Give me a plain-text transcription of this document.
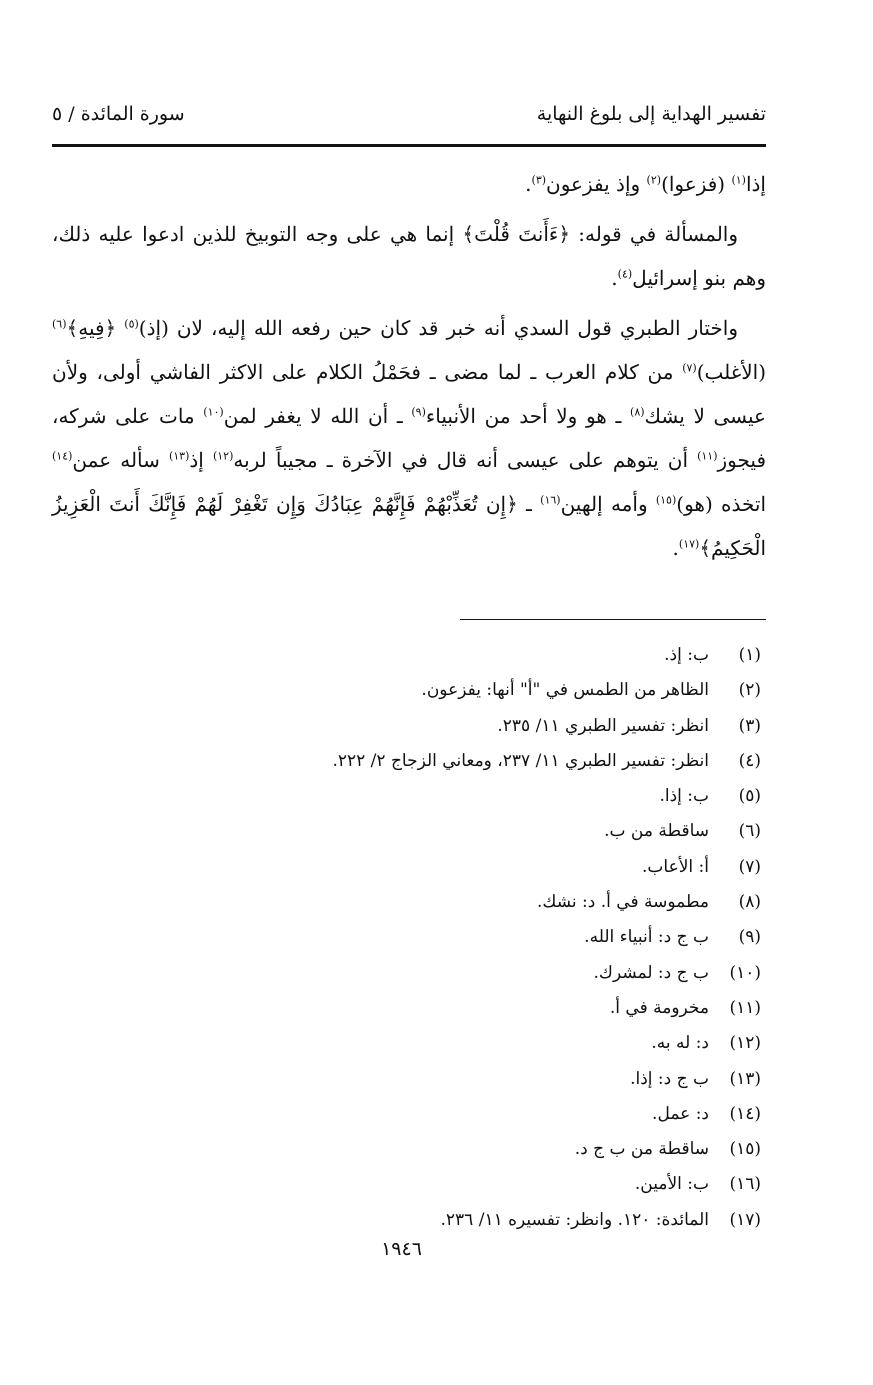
تفسير الهداية إلى بلوغ النهاية
سورة المائدة / ٥

إذا$^{(١)}$ (فزعوا)$^{(٢)}$ وإذ يفزعون$^{(٣)}$.

والمسألة في قوله: ﴿ءَأَنتَ قُلْتَ﴾ إنما هي على وجه التوبيخ للذين ادعوا عليه ذلك، وهم بنو إسرائيل$^{(٤)}$.

واختار الطبري قول السدي أنه خبر قد كان حين رفعه الله إليه، لان (إذ)$^{(٥)}$ ﴿فِيهِ﴾$^{(٦)}$ (الأغلب)$^{(٧)}$ من كلام العرب ـ لما مضى ـ فحَمْلُ الكلام على الاكثر الفاشي أولى، ولأن عيسى لا يشك$^{(٨)}$ ـ هو ولا أحد من الأنبياء$^{(٩)}$ ـ أن الله لا يغفر لمن$^{(١٠)}$ مات على شركه، فيجوز$^{(١١)}$ أن يتوهم على عيسى أنه قال في الآخرة ـ مجيباً لربه$^{(١٢)}$ إذ$^{(١٣)}$ سأله عمن$^{(١٤)}$ اتخذه (هو)$^{(١٥)}$ وأمه إلهين$^{(١٦)}$ ـ ﴿إِن تُعَذِّبْهُمْ فَإِنَّهُمْ عِبَادُكَ وَإِن تَغْفِرْ لَهُمْ فَإِنَّكَ أَنتَ الْعَزِيزُ الْحَكِيمُ﴾$^{(١٧)}$.

(١)ب: إذ.
(٢)الظاهر من الطمس في "أ" أنها: يفزعون.
(٣)انظر: تفسير الطبري ١١/ ٢٣٥.
(٤)انظر: تفسير الطبري ١١/ ٢٣٧، ومعاني الزجاج ٢/ ٢٢٢.
(٥)ب: إذا.
(٦)ساقطة من ب.
(٧)أ: الأعاب.
(٨)مطموسة في أ. د: نشك.
(٩)ب ج د: أنبياء الله.
(١٠)ب ج د: لمشرك.
(١١)مخرومة في أ.
(١٢)د: له به.
(١٣)ب ج د: إذا.
(١٤)د: عمل.
(١٥)ساقطة من ب ج د.
(١٦)ب: الأمين.
(١٧)المائدة: ١٢٠. وانظر: تفسيره ١١/ ٢٣٦.
١٩٤٦
